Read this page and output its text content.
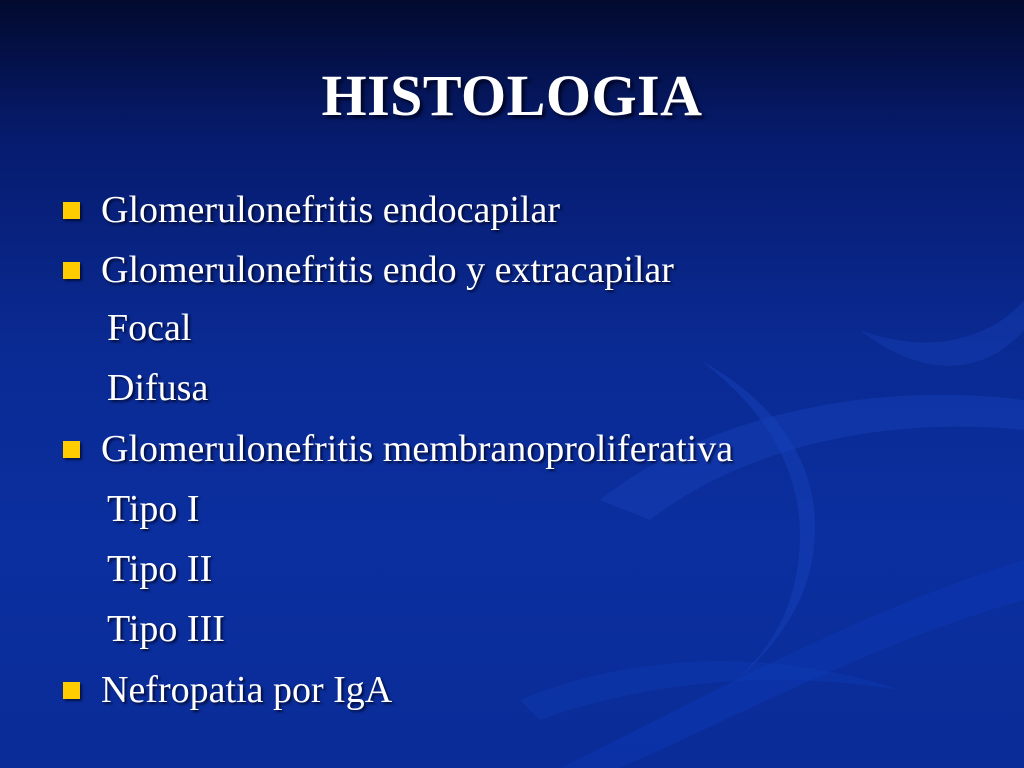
HISTOLOGIA
Glomerulonefritis endocapilar
Glomerulonefritis endo y extracapilar
Focal
Difusa
Glomerulonefritis membranoproliferativa
Tipo I
Tipo II
Tipo III
Nefropatia por IgA
